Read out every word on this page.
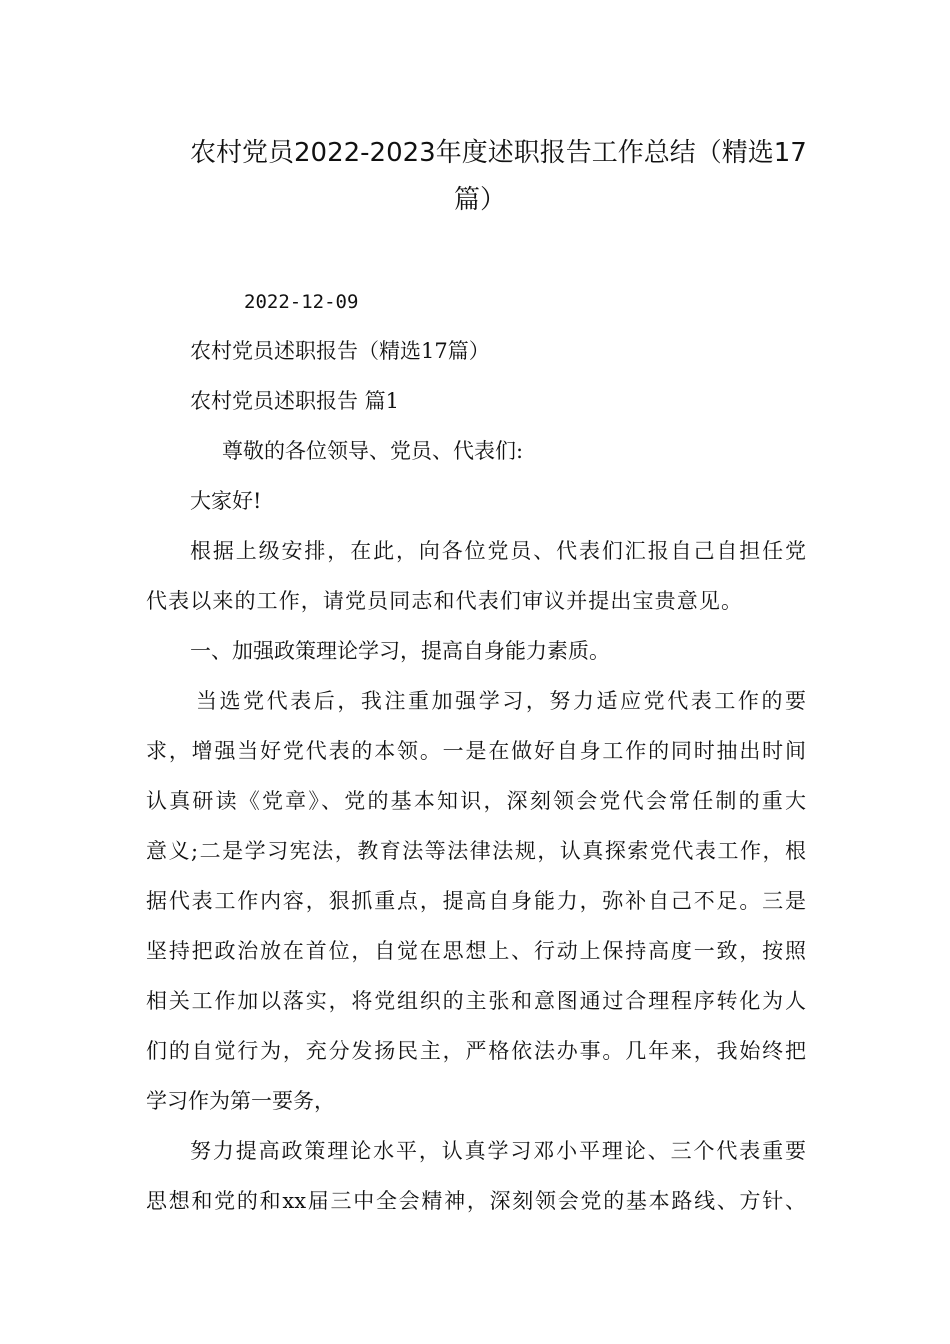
农村党员2022-2023年度述职报告工作总结（精选17
篇）
2022-12-09
农村党员述职报告（精选17篇）
农村党员述职报告 篇1
尊敬的各位领导、党员、代表们:
大家好!
根据上级安排，在此，向各位党员、代表们汇报自己自担任党
代表以来的工作，请党员同志和代表们审议并提出宝贵意见。
一、加强政策理论学习，提高自身能力素质。
当选党代表后，我注重加强学习，努力适应党代表工作的要
求，增强当好党代表的本领。一是在做好自身工作的同时抽出时间
认真研读《党章》、党的基本知识，深刻领会党代会常任制的重大
意义;二是学习宪法，教育法等法律法规，认真探索党代表工作，根
据代表工作内容，狠抓重点，提高自身能力，弥补自己不足。三是
坚持把政治放在首位，自觉在思想上、行动上保持高度一致，按照
相关工作加以落实，将党组织的主张和意图通过合理程序转化为人
们的自觉行为，充分发扬民主，严格依法办事。几年来，我始终把
学习作为第一要务，
努力提高政策理论水平，认真学习邓小平理论、三个代表重要
思想和党的和xx届三中全会精神，深刻领会党的基本路线、方针、
